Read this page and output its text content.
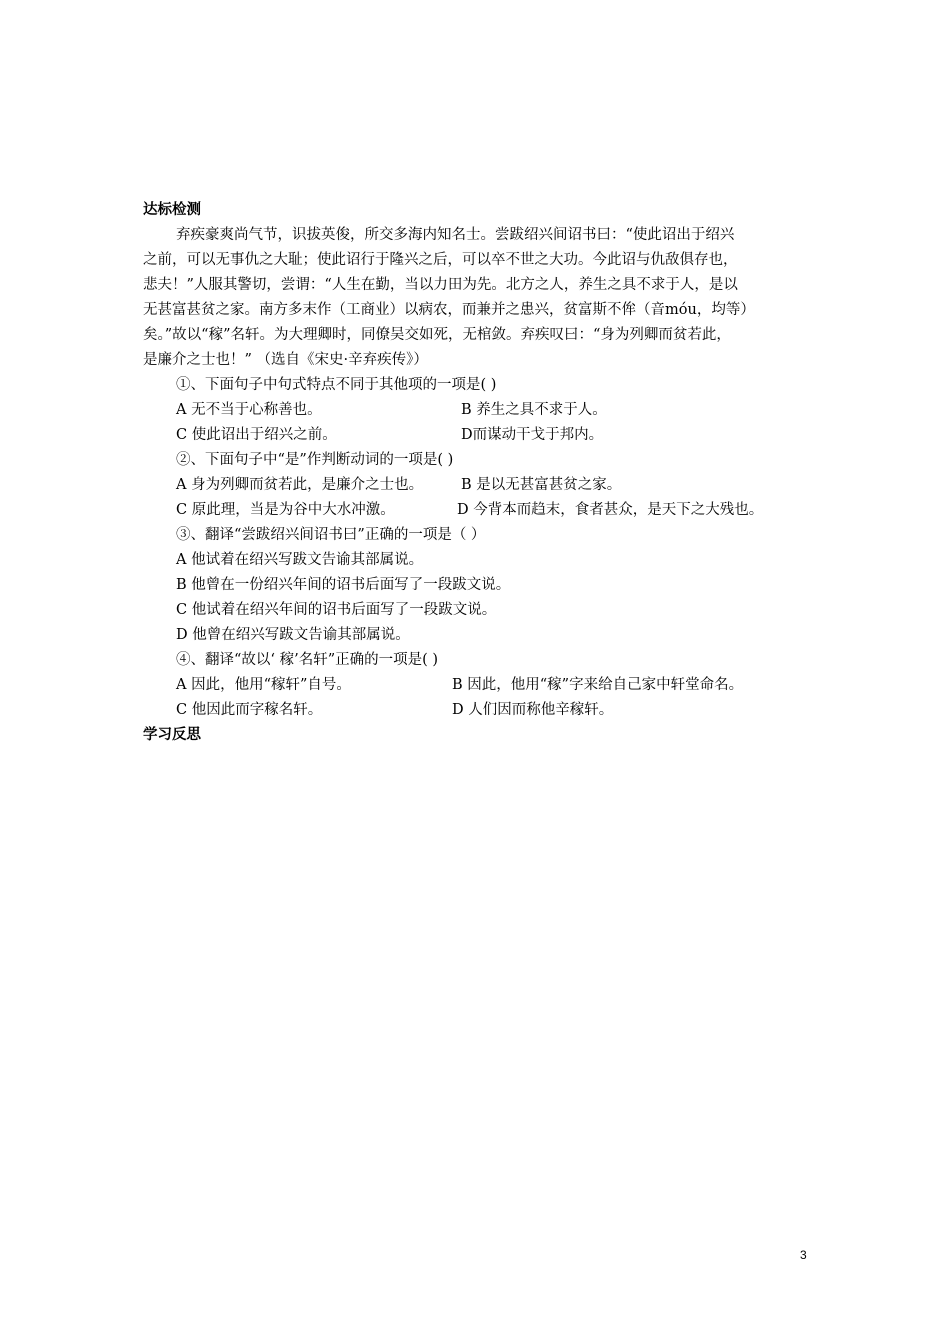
达标检测
弃疾豪爽尚气节，识拔英俊，所交多海内知名士。尝跋绍兴间诏书曰：“使此诏出于绍兴
之前，可以无事仇之大耻；使此诏行于隆兴之后，可以卒不世之大功。今此诏与仇敌俱存也，
悲夫！”人服其警切，尝谓：“人生在勤，当以力田为先。北方之人，养生之具不求于人，是以
无甚富甚贫之家。南方多末作（工商业）以病农，而兼并之患兴，贫富斯不侔（音móu，均等）
矣。”故以“稼”名轩。为大理卿时，同僚吴交如死，无棺敛。弃疾叹曰：“身为列卿而贫若此，
是廉介之士也！” （选自《宋史·辛弃疾传》）
①、下面句子中句式特点不同于其他项的一项是( )
A 无不当于心称善也。	B 养生之具不求于人。
C 使此诏出于绍兴之前。	D而谋动干戈于邦内。
②、下面句子中“是”作判断动词的一项是( )
A 身为列卿而贫若此，是廉介之士也。	B 是以无甚富甚贫之家。
C 原此理，当是为谷中大水冲激。	D 今背本而趋末，食者甚众，是天下之大残也。
③、翻译“尝跋绍兴间诏书曰”正确的一项是（ ）
A 他试着在绍兴写跋文告谕其部属说。
B 他曾在一份绍兴年间的诏书后面写了一段跋文说。
C 他试着在绍兴年间的诏书后面写了一段跋文说。
D 他曾在绍兴写跋文告谕其部属说。
④、翻译“故以‘ 稼’名轩”正确的一项是( )
A 因此，他用“稼轩”自号。	B 因此，他用“稼”字来给自己家中轩堂命名。
C 他因此而字稼名轩。	D 人们因而称他辛稼轩。
学习反思
3
